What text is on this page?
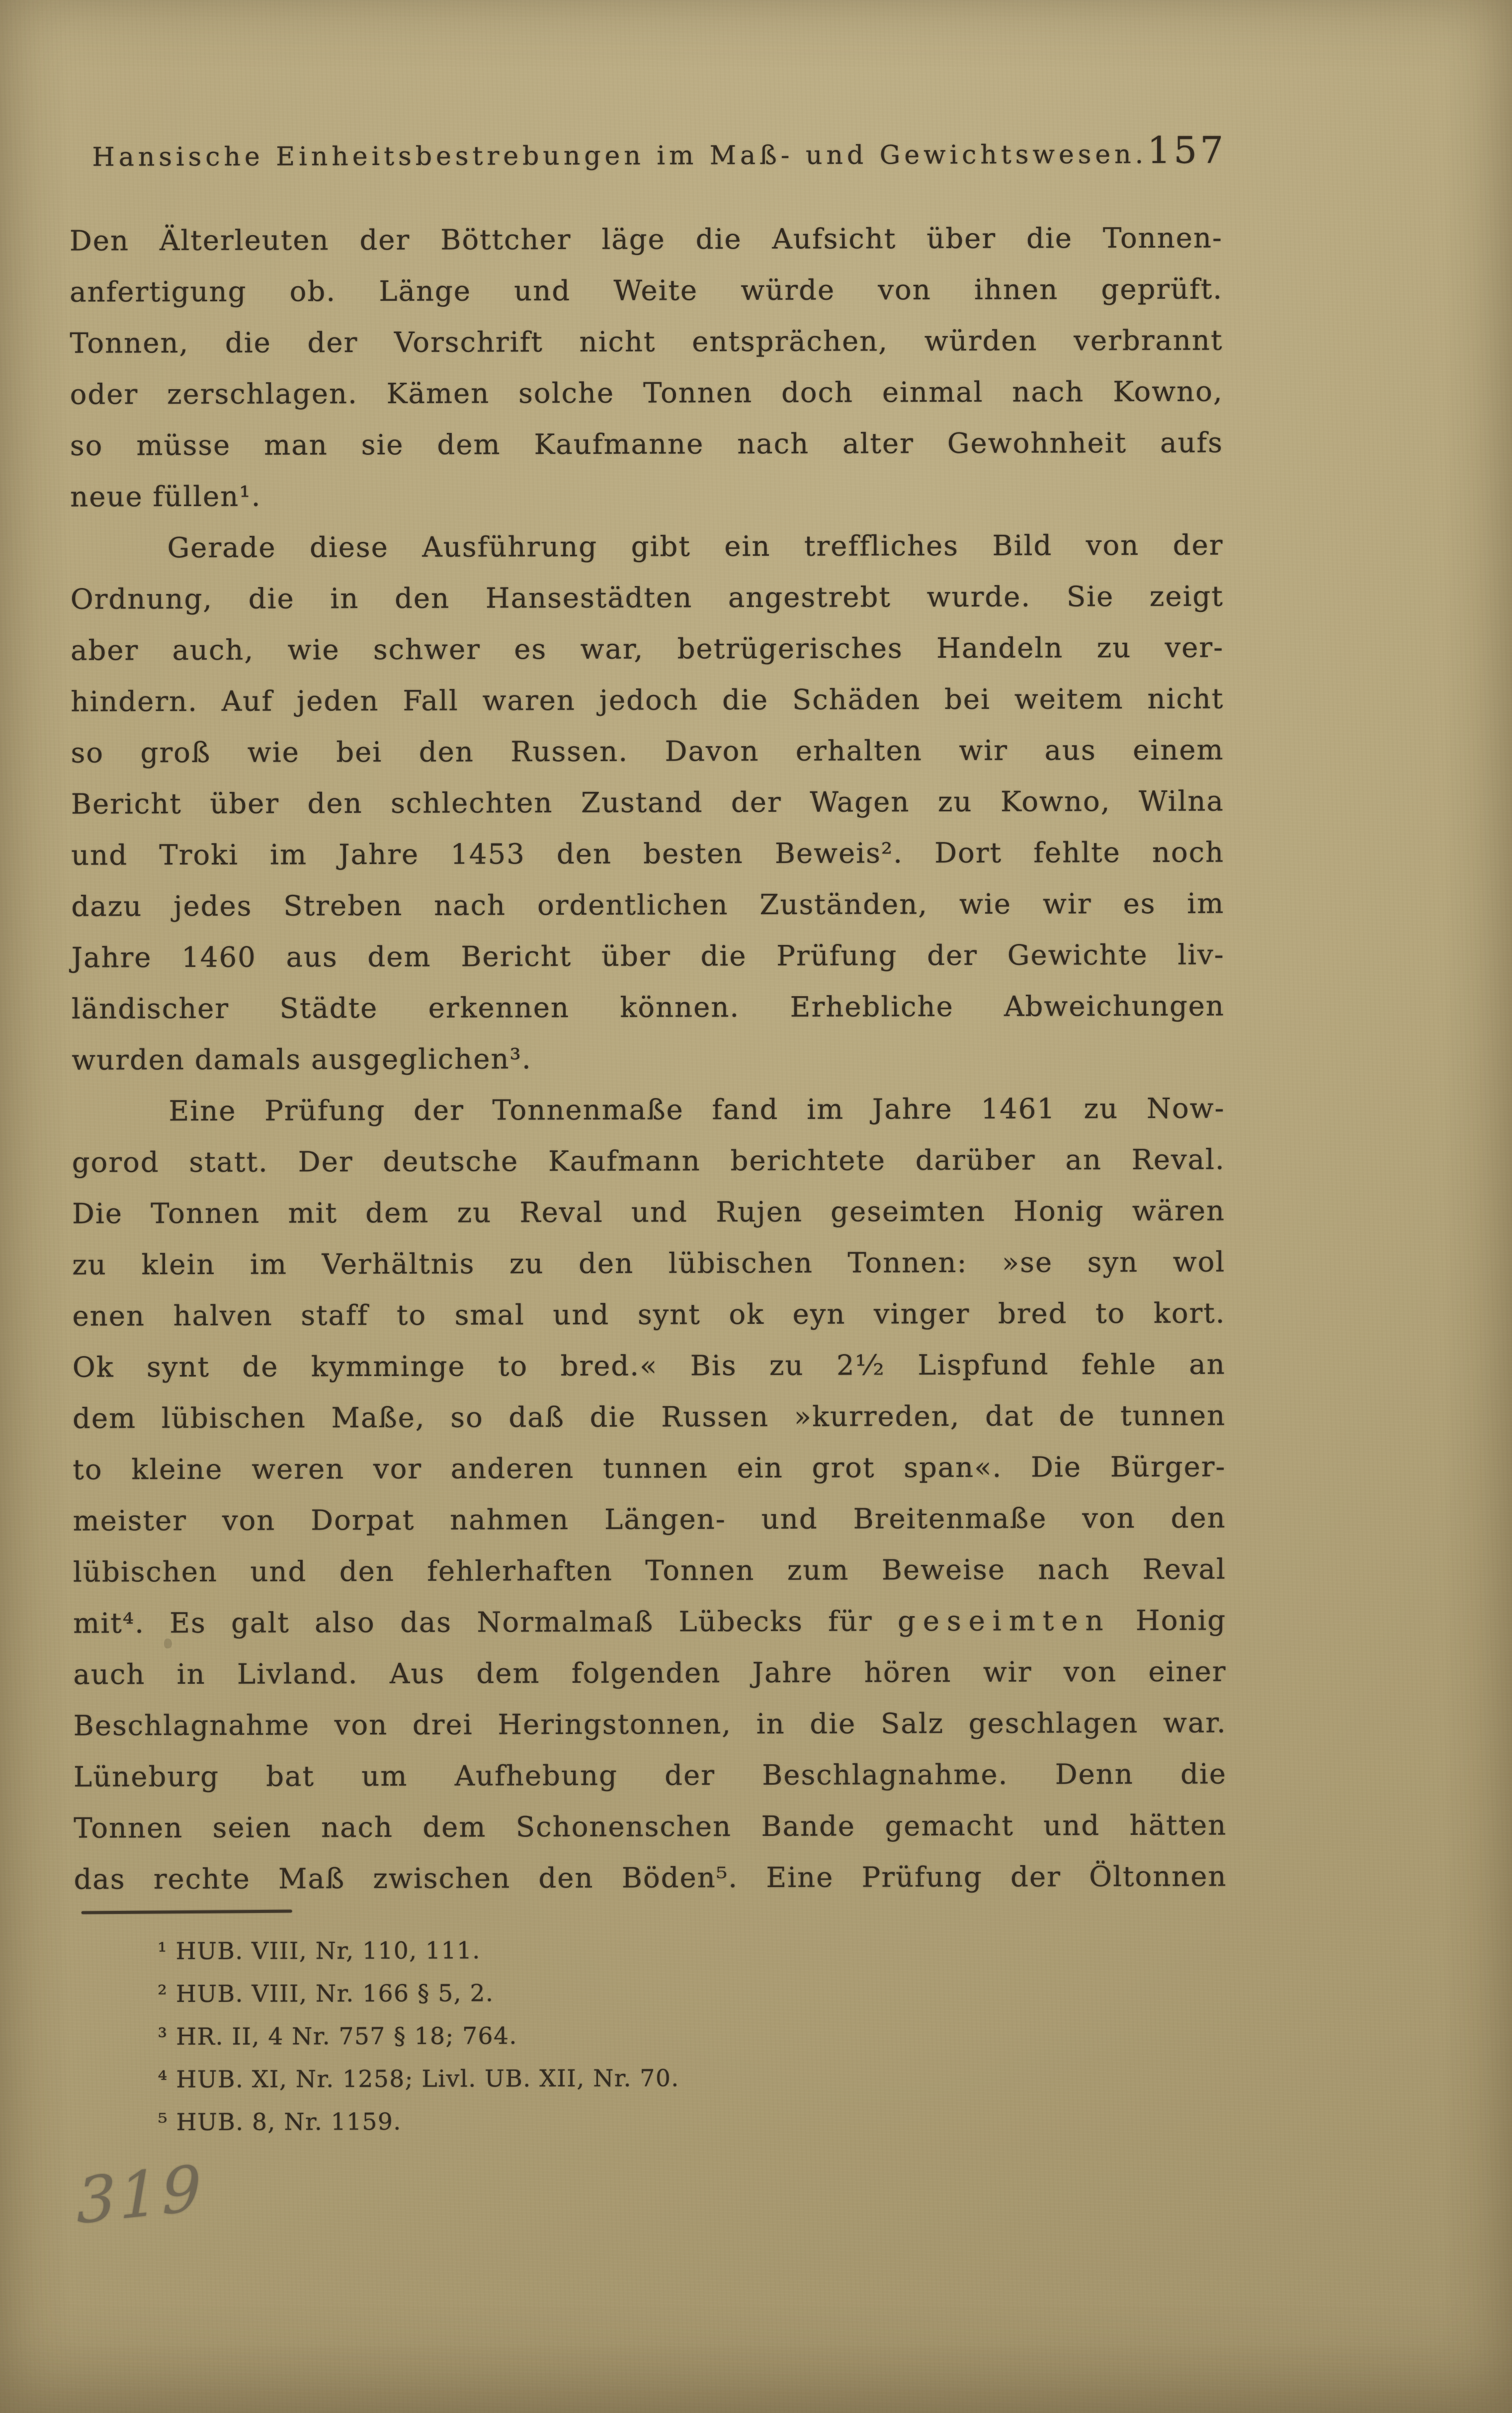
Hansische Einheitsbestrebungen im Maß- und Gewichtswesen. 157
Den Älterleuten der Böttcher läge die Aufsicht über die Tonnen-
anfertigung ob. Länge und Weite würde von ihnen geprüft.
Tonnen, die der Vorschrift nicht entsprächen, würden verbrannt
oder zerschlagen. Kämen solche Tonnen doch einmal nach Kowno,
so müsse man sie dem Kaufmanne nach alter Gewohnheit aufs
neue füllen¹.
Gerade diese Ausführung gibt ein treffliches Bild von der
Ordnung, die in den Hansestädten angestrebt wurde. Sie zeigt
aber auch, wie schwer es war, betrügerisches Handeln zu ver-
hindern. Auf jeden Fall waren jedoch die Schäden bei weitem nicht
so groß wie bei den Russen. Davon erhalten wir aus einem
Bericht über den schlechten Zustand der Wagen zu Kowno, Wilna
und Troki im Jahre 1453 den besten Beweis². Dort fehlte noch
dazu jedes Streben nach ordentlichen Zuständen, wie wir es im
Jahre 1460 aus dem Bericht über die Prüfung der Gewichte liv-
ländischer Städte erkennen können. Erhebliche Abweichungen
wurden damals ausgeglichen³.
Eine Prüfung der Tonnenmaße fand im Jahre 1461 zu Now-
gorod statt. Der deutsche Kaufmann berichtete darüber an Reval.
Die Tonnen mit dem zu Reval und Rujen geseimten Honig wären
zu klein im Verhältnis zu den lübischen Tonnen: »se syn wol
enen halven staff to smal und synt ok eyn vinger bred to kort.
Ok synt de kymminge to bred.« Bis zu 2¹⁄₂ Lispfund fehle an
dem lübischen Maße, so daß die Russen »kurreden, dat de tunnen
to kleine weren vor anderen tunnen ein grot span«. Die Bürger-
meister von Dorpat nahmen Längen- und Breitenmaße von den
lübischen und den fehlerhaften Tonnen zum Beweise nach Reval
mit⁴. Es galt also das Normalmaß Lübecks für geseimten Honig
auch in Livland. Aus dem folgenden Jahre hören wir von einer
Beschlagnahme von drei Heringstonnen, in die Salz geschlagen war.
Lüneburg bat um Aufhebung der Beschlagnahme. Denn die
Tonnen seien nach dem Schonenschen Bande gemacht und hätten
das rechte Maß zwischen den Böden⁵. Eine Prüfung der Öltonnen
¹ HUB. VIII, Nr, 110, 111.
² HUB. VIII, Nr. 166 § 5, 2.
³ HR. II, 4 Nr. 757 § 18; 764.
⁴ HUB. XI, Nr. 1258; Livl. UB. XII, Nr. 70.
⁵ HUB. 8, Nr. 1159.
319
